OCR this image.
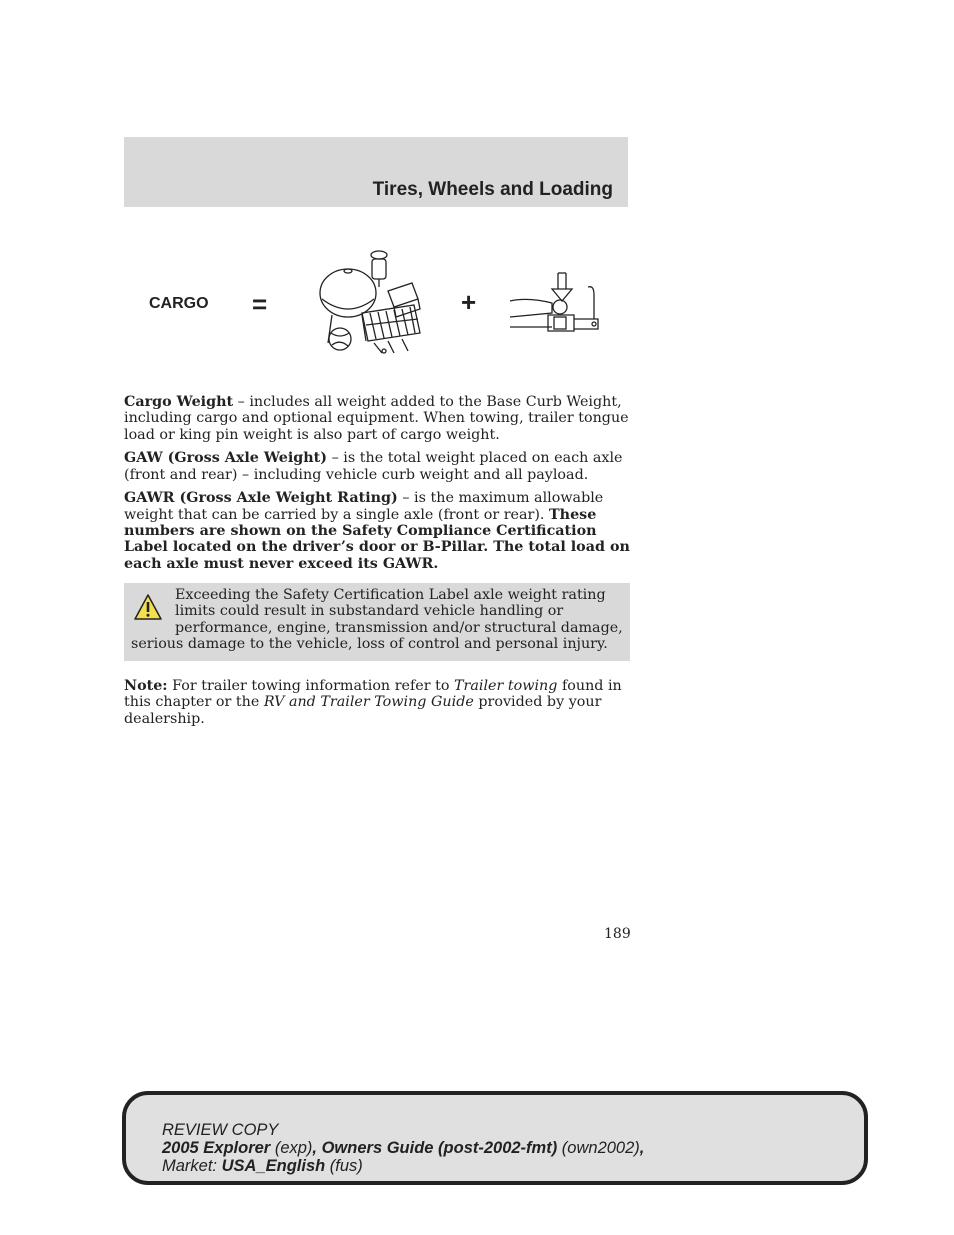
Tires, Wheels and Loading
CARGO =	+

Cargo Weight – includes all weight added to the Base Curb Weight, including cargo and optional equipment. When towing, trailer tongue load or king pin weight is also part of cargo weight.

GAW (Gross Axle Weight) – is the total weight placed on each axle (front and rear) – including vehicle curb weight and all payload.

GAWR (Gross Axle Weight Rating) – is the maximum allowable weight that can be carried by a single axle (front or rear). These numbers are shown on the Safety Compliance Certification Label located on the driver’s door or B-Pillar. The total load on each axle must never exceed its GAWR.

Exceeding the Safety Certification Label axle weight rating limits could result in substandard vehicle handling or performance, engine, transmission and/or structural damage, serious damage to the vehicle, loss of control and personal injury.

Note: For trailer towing information refer to Trailer towing found in this chapter or the RV and Trailer Towing Guide provided by your dealership.

189
REVIEW COPY
2005 Explorer (exp), Owners Guide (post-2002-fmt) (own2002),
Market: USA_English (fus)
